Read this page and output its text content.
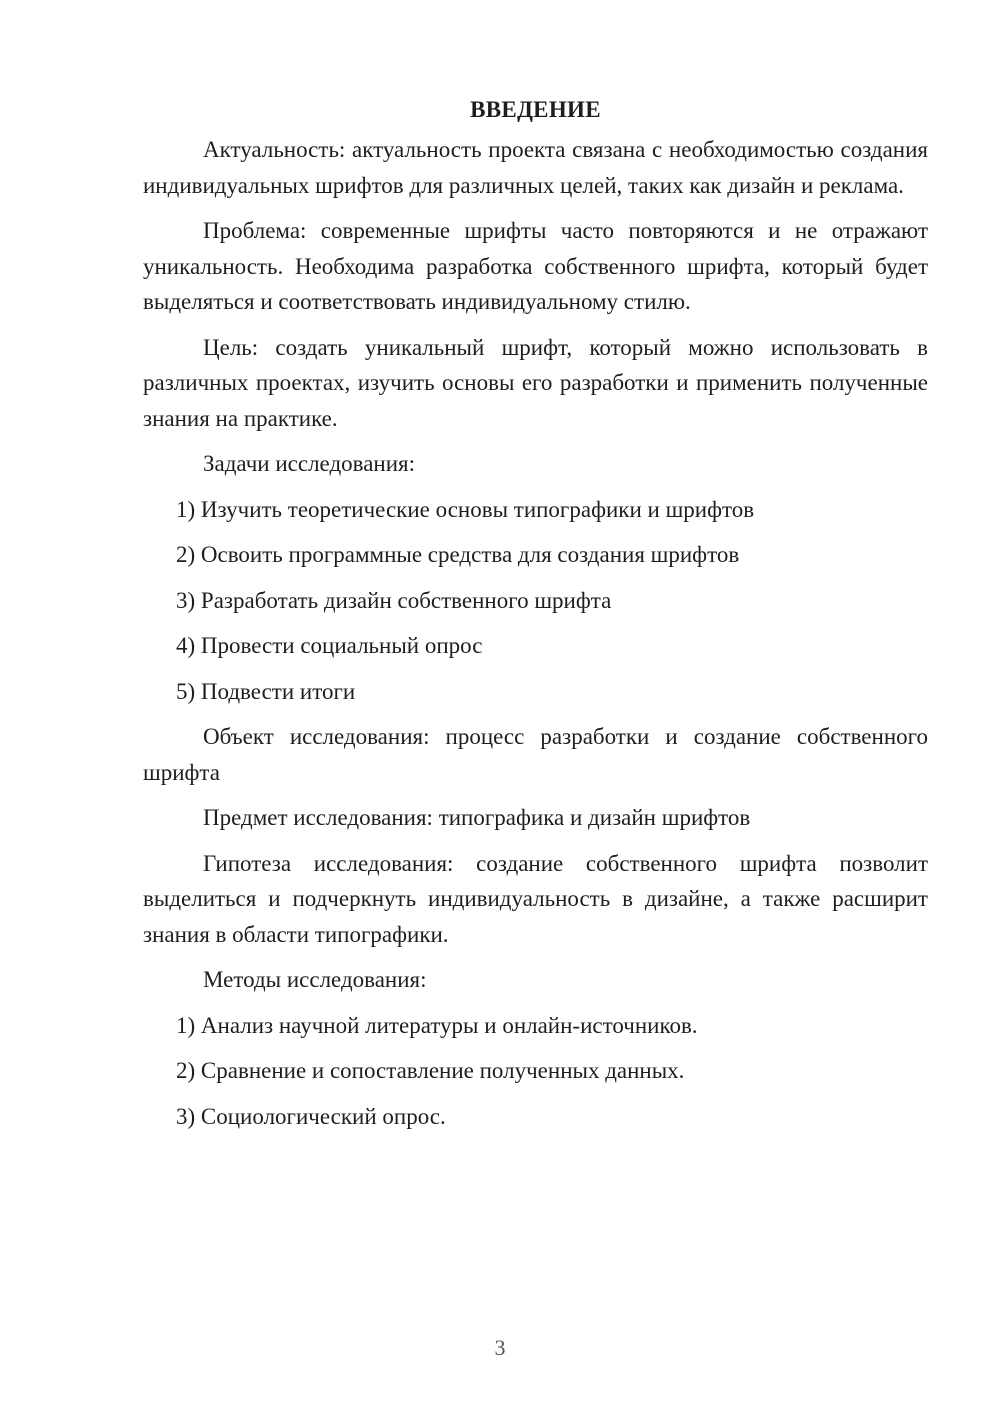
ВВЕДЕНИЕ

Актуальность: актуальность проекта связана с необходимостью создания индивидуальных шрифтов для различных целей, таких как дизайн и реклама.

Проблема: современные шрифты часто повторяются и не отражают уникальность. Необходима разработка собственного шрифта, который будет выделяться и соответствовать индивидуальному стилю.

Цель: создать уникальный шрифт, который можно использовать в различных проектах, изучить основы его разработки и применить полученные знания на практике.

Задачи исследования:

1) Изучить теоретические основы типографики и шрифтов
2) Освоить программные средства для создания шрифтов
3) Разработать дизайн собственного шрифта
4) Провести социальный опрос
5) Подвести итоги

Объект исследования: процесс разработки и создание собственного шрифта

Предмет исследования: типографика и дизайн шрифтов

Гипотеза исследования: создание собственного шрифта позволит выделиться и подчеркнуть индивидуальность в дизайне, а также расширит знания в области типографики.

Методы исследования:

1) Анализ научной литературы и онлайн-источников.
2) Сравнение и сопоставление полученных данных.
3) Социологический опрос.
3
